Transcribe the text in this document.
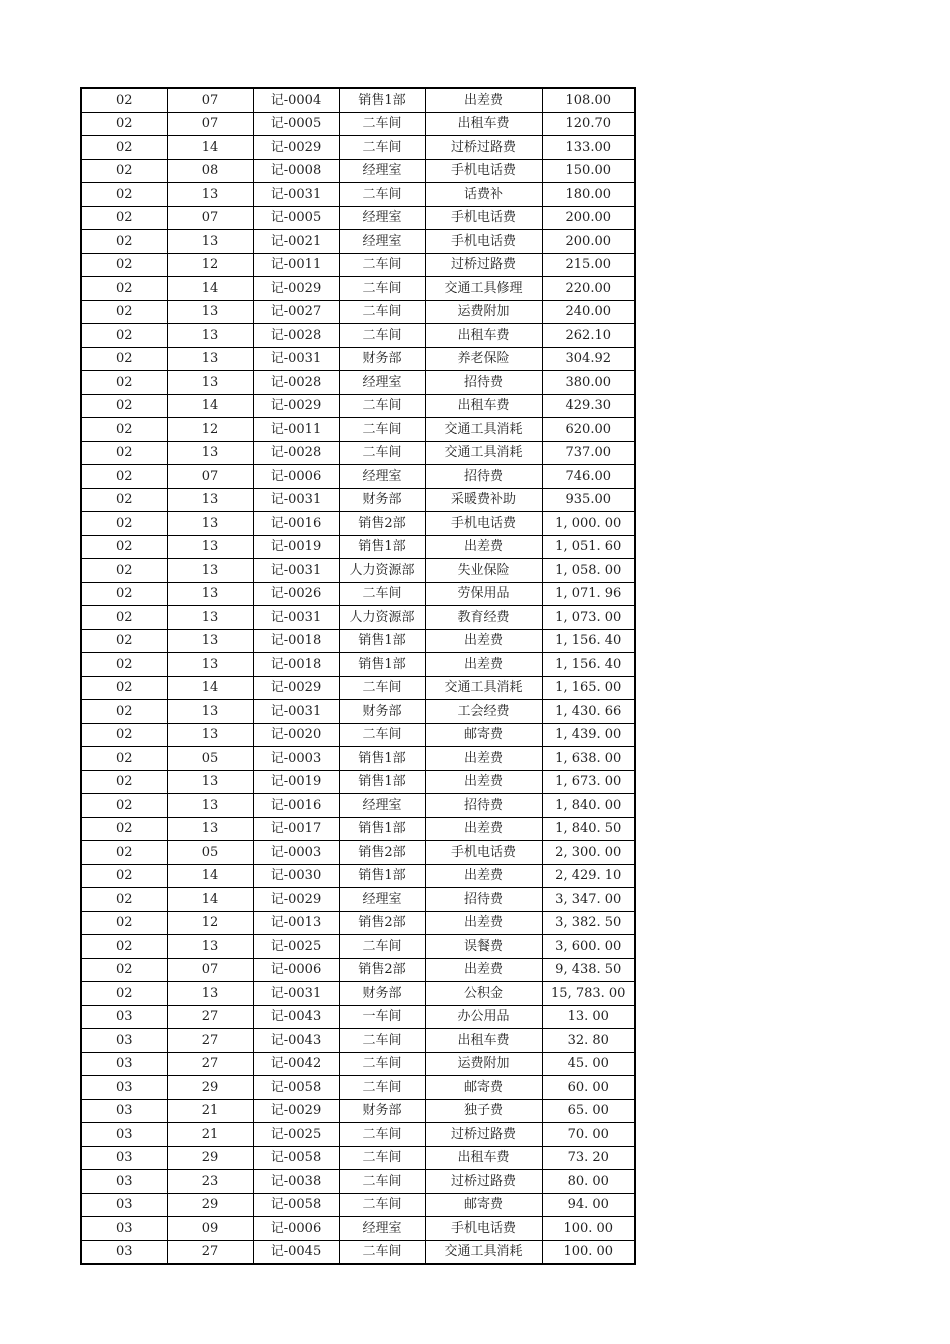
02	07	记-0004	销售1部	出差费	108.00
02	07	记-0005	二车间	出租车费	120.70
02	14	记-0029	二车间	过桥过路费	133.00
02	08	记-0008	经理室	手机电话费	150.00
02	13	记-0031	二车间	话费补	180.00
02	07	记-0005	经理室	手机电话费	200.00
02	13	记-0021	经理室	手机电话费	200.00
02	12	记-0011	二车间	过桥过路费	215.00
02	14	记-0029	二车间	交通工具修理	220.00
02	13	记-0027	二车间	运费附加	240.00
02	13	记-0028	二车间	出租车费	262.10
02	13	记-0031	财务部	养老保险	304.92
02	13	记-0028	经理室	招待费	380.00
02	14	记-0029	二车间	出租车费	429.30
02	12	记-0011	二车间	交通工具消耗	620.00
02	13	记-0028	二车间	交通工具消耗	737.00
02	07	记-0006	经理室	招待费	746.00
02	13	记-0031	财务部	采暖费补助	935.00
02	13	记-0016	销售2部	手机电话费	1, 000. 00
02	13	记-0019	销售1部	出差费	1, 051. 60
02	13	记-0031	人力资源部	失业保险	1, 058. 00
02	13	记-0026	二车间	劳保用品	1, 071. 96
02	13	记-0031	人力资源部	教育经费	1, 073. 00
02	13	记-0018	销售1部	出差费	1, 156. 40
02	13	记-0018	销售1部	出差费	1, 156. 40
02	14	记-0029	二车间	交通工具消耗	1, 165. 00
02	13	记-0031	财务部	工会经费	1, 430. 66
02	13	记-0020	二车间	邮寄费	1, 439. 00
02	05	记-0003	销售1部	出差费	1, 638. 00
02	13	记-0019	销售1部	出差费	1, 673. 00
02	13	记-0016	经理室	招待费	1, 840. 00
02	13	记-0017	销售1部	出差费	1, 840. 50
02	05	记-0003	销售2部	手机电话费	2, 300. 00
02	14	记-0030	销售1部	出差费	2, 429. 10
02	14	记-0029	经理室	招待费	3, 347. 00
02	12	记-0013	销售2部	出差费	3, 382. 50
02	13	记-0025	二车间	误餐费	3, 600. 00
02	07	记-0006	销售2部	出差费	9, 438. 50
02	13	记-0031	财务部	公积金	15, 783. 00
03	27	记-0043	一车间	办公用品	13. 00
03	27	记-0043	二车间	出租车费	32. 80
03	27	记-0042	二车间	运费附加	45. 00
03	29	记-0058	二车间	邮寄费	60. 00
03	21	记-0029	财务部	独子费	65. 00
03	21	记-0025	二车间	过桥过路费	70. 00
03	29	记-0058	二车间	出租车费	73. 20
03	23	记-0038	二车间	过桥过路费	80. 00
03	29	记-0058	二车间	邮寄费	94. 00
03	09	记-0006	经理室	手机电话费	100. 00
03	27	记-0045	二车间	交通工具消耗	100. 00
